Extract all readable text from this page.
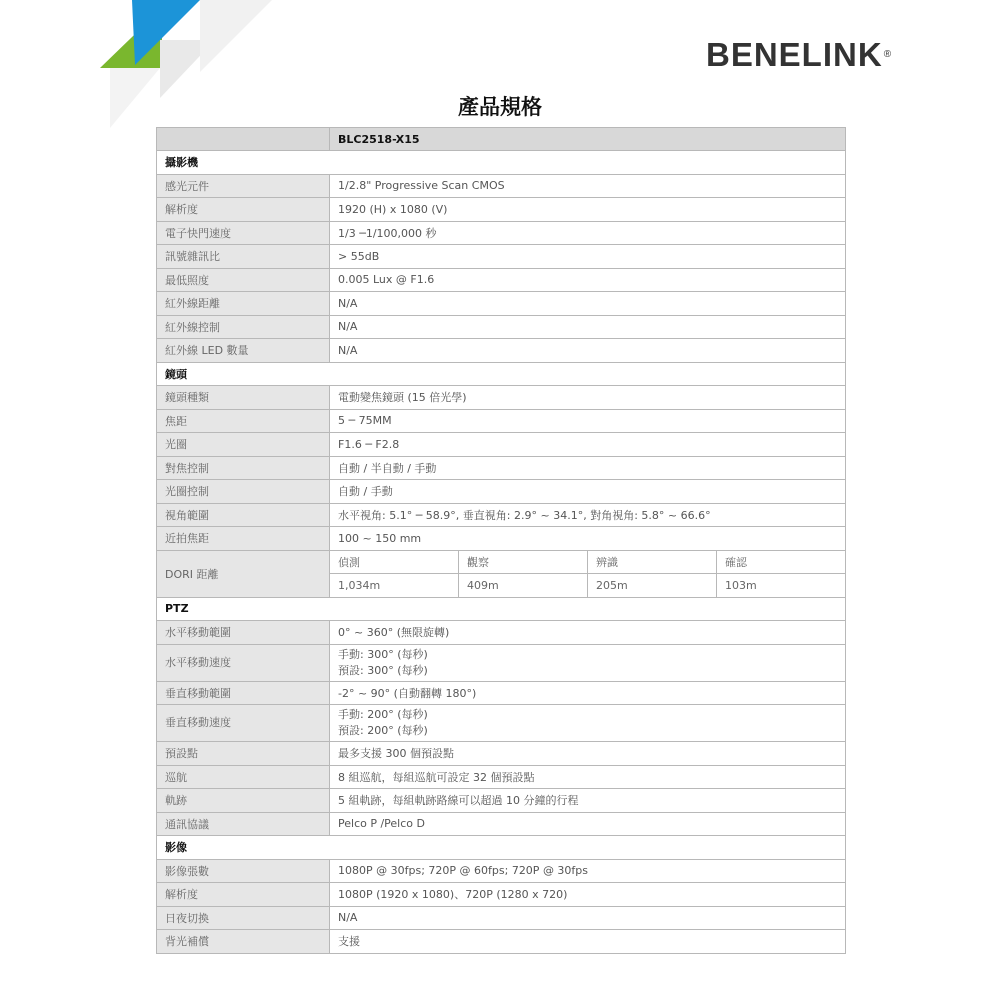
BENELINK®
產品規格
	BLC2518-X15			
攝影機				
感光元件	1/2.8" Progressive Scan CMOS			
解析度	1920 (H) x 1080 (V)			
電子快門速度	1/3 ─1/100,000 秒			
訊號雜訊比	> 55dB			
最低照度	0.005 Lux @ F1.6			
紅外線距離	N/A			
紅外線控制	N/A			
紅外線 LED 數量	N/A			
鏡頭				
鏡頭種類	電動變焦鏡頭 (15 倍光學)			
焦距	5 ─ 75MM			
光圈	F1.6 ─ F2.8			
對焦控制	自動 / 半自動 / 手動			
光圈控制	自動 / 手動			
視角範圍	水平視角: 5.1° ─ 58.9°, 垂直視角: 2.9° ~ 34.1°, 對角視角: 5.8° ~ 66.6°			
近拍焦距	100 ~ 150 mm			
DORI 距離	偵測	觀察	辨識	確認
	1,034m	409m	205m	103m
PTZ				
水平移動範圍	0° ~ 360° (無限旋轉)			
水平移動速度	手動: 300° (每秒)
預設: 300° (每秒)			

垂直移動範圍	-2° ~ 90° (自動翻轉 180°)			
垂直移動速度	手動: 200° (每秒)
預設: 200° (每秒)			

預設點	最多支援 300 個預設點			
巡航	8 組巡航，每組巡航可設定 32 個預設點			
軌跡	5 組軌跡，每組軌跡路線可以超過 10 分鐘的行程			
通訊協議	Pelco P /Pelco D			
影像				
影像張數	1080P @ 30fps; 720P @ 60fps; 720P @ 30fps			
解析度	1080P (1920 x 1080)、720P (1280 x 720)			
日夜切換	N/A			
背光補償	支援			
